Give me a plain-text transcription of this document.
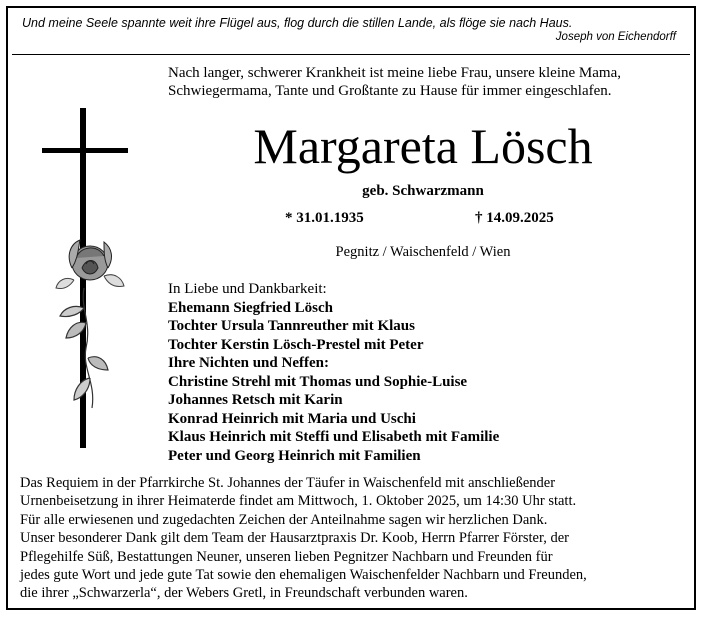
Und meine Seele spannte weit ihre Flügel aus, flog durch die stillen Lande, als flöge sie nach Haus.
Joseph von Eichendorff
Nach langer, schwerer Krankheit ist meine liebe Frau, unsere kleine Mama,
Schwiegermama, Tante und Großtante zu Hause für immer eingeschlafen.
Margareta Lösch
geb. Schwarzmann
* 31.01.1935	† 14.09.2025
Pegnitz / Waischenfeld / Wien
In Liebe und Dankbarkeit:
Ehemann Siegfried Lösch
Tochter Ursula Tannreuther mit Klaus
Tochter Kerstin Lösch-Prestel mit Peter
Ihre Nichten und Neffen:
Christine Strehl mit Thomas und Sophie-Luise
Johannes Retsch mit Karin
Konrad Heinrich mit Maria und Uschi
Klaus Heinrich mit Steffi und Elisabeth mit Familie
Peter und Georg Heinrich mit Familien
Das Requiem in der Pfarrkirche St. Johannes der Täufer in Waischenfeld mit anschließender
Urnenbeisetzung in ihrer Heimaterde findet am Mittwoch, 1. Oktober 2025, um 14:30 Uhr statt.
Für alle erwiesenen und zugedachten Zeichen der Anteilnahme sagen wir herzlichen Dank.
Unser besonderer Dank gilt dem Team der Hausarztpraxis Dr. Koob, Herrn Pfarrer Förster, der
Pflegehilfe Süß, Bestattungen Neuner, unseren lieben Pegnitzer Nachbarn und Freunden für
jedes gute Wort und jede gute Tat sowie den ehemaligen Waischenfelder Nachbarn und Freunden,
die ihrer „Schwarzerla“, der Webers Gretl, in Freundschaft verbunden waren.
